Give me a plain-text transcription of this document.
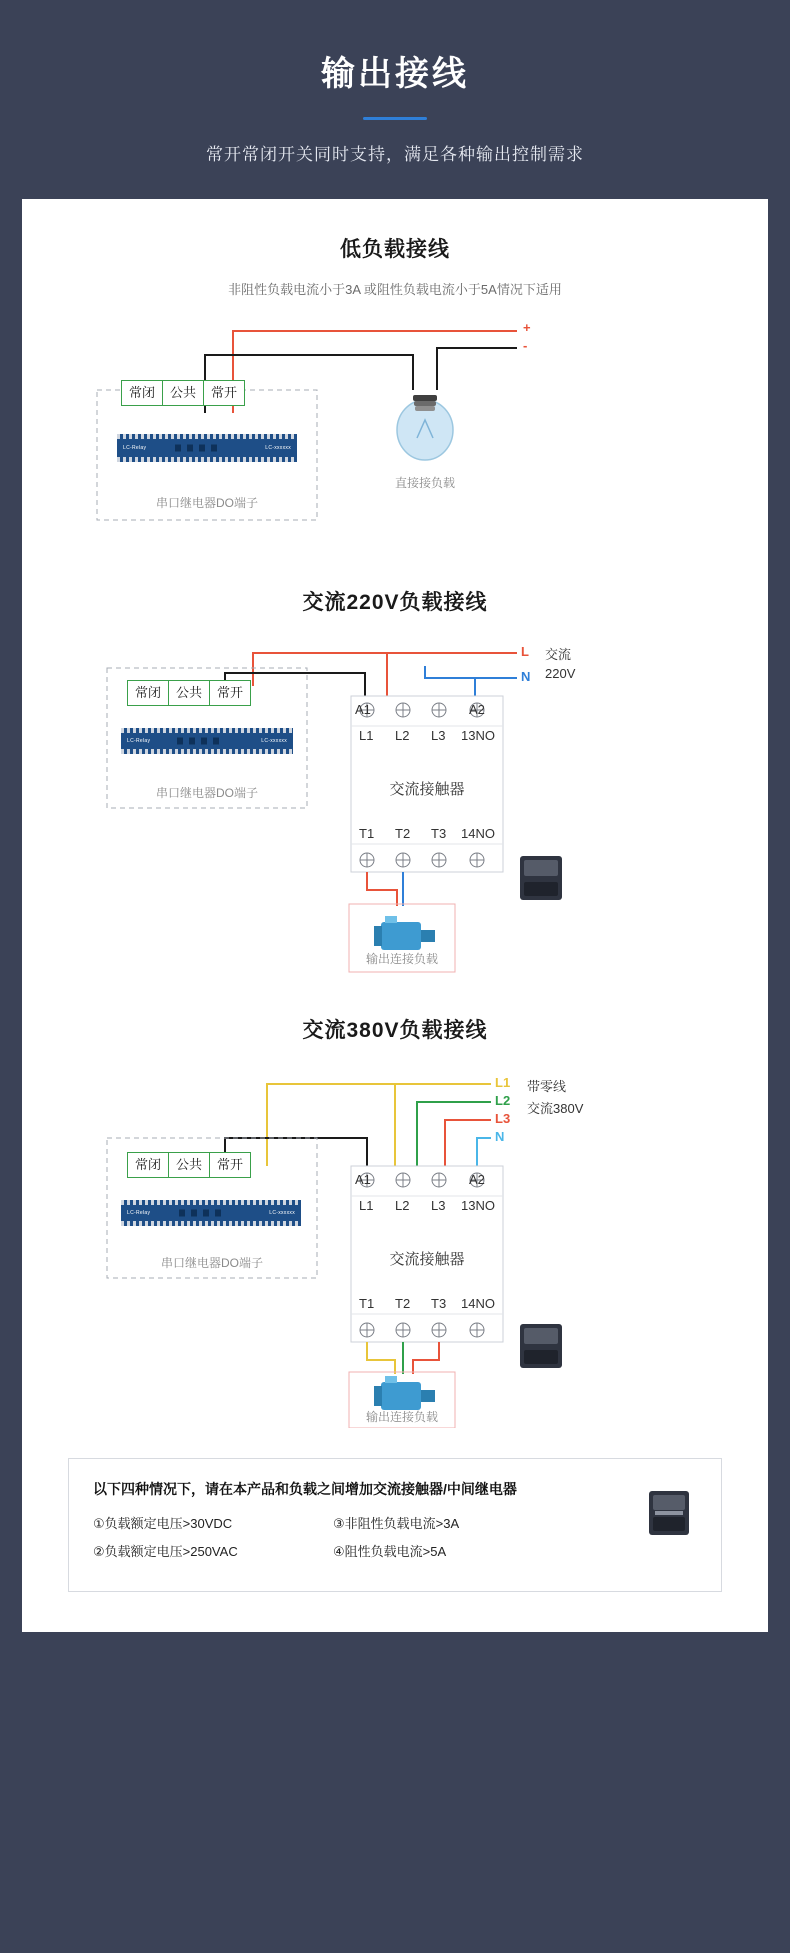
输出接线

常开常闭开关同时支持，满足各种输出控制需求

低负载接线

非阻性负载电流小于3A 或阻性负载电流小于5A情况下适用

常闭	公共	常开
LC-Relay	LC-xxxxxx
串口继电器DO端子
直接接负载
+
-
交流220V负载接线
常闭	公共	常开
LC-Relay	LC-xxxxxx
串口继电器DO端子
A1	A2
L1 L2 L3 13NO
交流接触器
T1 T2 T3 14NO
输出连接负载
L
N
交流
220V
交流380V负载接线
常闭	公共	常开
LC-Relay	LC-xxxxxx
串口继电器DO端子
A1	A2
L1 L2 L3 13NO
交流接触器
T1 T2 T3 14NO
输出连接负载
L1
L2
L3
N
带零线
交流380V

以下四种情况下，请在本产品和负载之间增加交流接触器/中间继电器

①负载额定电压>30VDC
②负载额定电压>250VAC
③非阻性负载电流>3A
④阻性负载电流>5A
